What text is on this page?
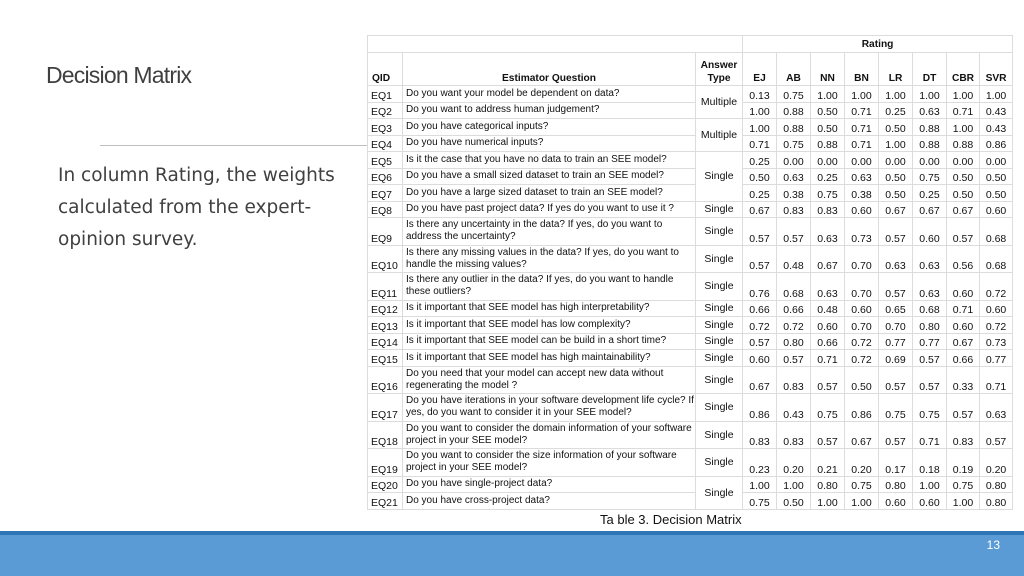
Decision Matrix
In column Rating, the weights calculated from the expert-opinion survey.
			Rating							
QID	Estimator Question	Answer Type	EJ	AB	NN	BN	LR	DT	CBR	SVR
EQ1	Do you want your model be dependent on data?	Multiple	0.13	0.75	1.00	1.00	1.00	1.00	1.00	1.00
EQ2	Do you want to address human judgement?		1.00	0.88	0.50	0.71	0.25	0.63	0.71	0.43
EQ3	Do you have categorical inputs?	Multiple	1.00	0.88	0.50	0.71	0.50	0.88	1.00	0.43
EQ4	Do you have numerical inputs?		0.71	0.75	0.88	0.71	1.00	0.88	0.88	0.86
EQ5	Is it the case that you have no data to train an SEE model?	Single	0.25	0.00	0.00	0.00	0.00	0.00	0.00	0.00
EQ6	Do you have a small sized dataset to train an SEE model?		0.50	0.63	0.25	0.63	0.50	0.75	0.50	0.50
EQ7	Do you have a large sized dataset to train an SEE model?		0.25	0.38	0.75	0.38	0.50	0.25	0.50	0.50
EQ8	Do you have past project data? If yes do you want to use it ?	Single	0.67	0.83	0.83	0.60	0.67	0.67	0.67	0.60
EQ9	Is there any uncertainty in the data? If yes, do you want to address the uncertainty?	Single	0.57	0.57	0.63	0.73	0.57	0.60	0.57	0.68
EQ10	Is there any missing values in the data? If yes, do you want to handle the missing values?	Single	0.57	0.48	0.67	0.70	0.63	0.63	0.56	0.68
EQ11	Is there any outlier in the data? If yes, do you want to handle these outliers?	Single	0.76	0.68	0.63	0.70	0.57	0.63	0.60	0.72
EQ12	Is it important that SEE model has high interpretability?	Single	0.66	0.66	0.48	0.60	0.65	0.68	0.71	0.60
EQ13	Is it important that SEE model has low complexity?	Single	0.72	0.72	0.60	0.70	0.70	0.80	0.60	0.72
EQ14	Is it important that SEE model can be build in a short time?	Single	0.57	0.80	0.66	0.72	0.77	0.77	0.67	0.73
EQ15	Is it important that SEE model has high maintainability?	Single	0.60	0.57	0.71	0.72	0.69	0.57	0.66	0.77
EQ16	Do you need that your model can accept new data without regenerating the model ?	Single	0.67	0.83	0.57	0.50	0.57	0.57	0.33	0.71
EQ17	Do you have iterations in your software development life cycle? If yes, do you want to consider it in your SEE model?	Single	0.86	0.43	0.75	0.86	0.75	0.75	0.57	0.63
EQ18	Do you want to consider the domain information of your software project in your SEE model?	Single	0.83	0.83	0.57	0.67	0.57	0.71	0.83	0.57
EQ19	Do you want to consider the size information of your software project in your SEE model?	Single	0.23	0.20	0.21	0.20	0.17	0.18	0.19	0.20
EQ20	Do you have single-project data?	Single	1.00	1.00	0.80	0.75	0.80	1.00	0.75	0.80
EQ21	Do you have cross-project data?		0.75	0.50	1.00	1.00	0.60	0.60	1.00	0.80
Ta ble 3. Decision Matrix
13
